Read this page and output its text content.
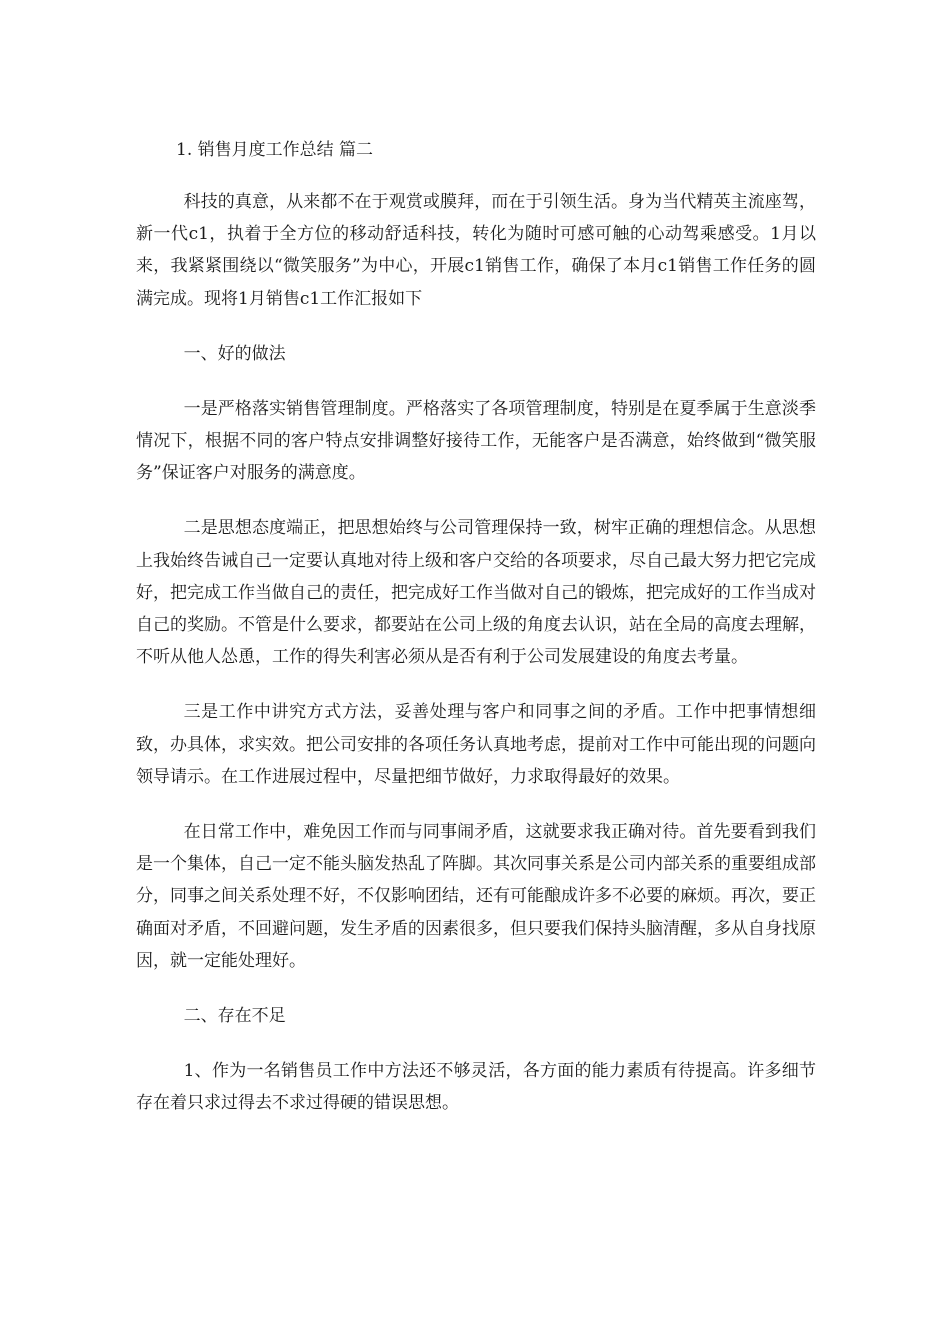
1. 销售月度工作总结 篇二

科技的真意，从来都不在于观赏或膜拜，而在于引领生活。身为当代精英主流座驾，新一代c1，执着于全方位的移动舒适科技，转化为随时可感可触的心动驾乘感受。1月以来，我紧紧围绕以“微笑服务”为中心，开展c1销售工作，确保了本月c1销售工作任务的圆满完成。现将1月销售c1工作汇报如下

一、好的做法

一是严格落实销售管理制度。严格落实了各项管理制度，特别是在夏季属于生意淡季情况下，根据不同的客户特点安排调整好接待工作，无能客户是否满意，始终做到“微笑服务”保证客户对服务的满意度。

二是思想态度端正，把思想始终与公司管理保持一致，树牢正确的理想信念。从思想上我始终告诫自己一定要认真地对待上级和客户交给的各项要求，尽自己最大努力把它完成好，把完成工作当做自己的责任，把完成好工作当做对自己的锻炼，把完成好的工作当成对自己的奖励。不管是什么要求，都要站在公司上级的角度去认识，站在全局的高度去理解，不听从他人怂恿，工作的得失利害必须从是否有利于公司发展建设的角度去考量。

三是工作中讲究方式方法，妥善处理与客户和同事之间的矛盾。工作中把事情想细致，办具体，求实效。把公司安排的各项任务认真地考虑，提前对工作中可能出现的问题向领导请示。在工作进展过程中，尽量把细节做好，力求取得最好的效果。

在日常工作中，难免因工作而与同事闹矛盾，这就要求我正确对待。首先要看到我们是一个集体，自己一定不能头脑发热乱了阵脚。其次同事关系是公司内部关系的重要组成部分，同事之间关系处理不好，不仅影响团结，还有可能酿成许多不必要的麻烦。再次，要正确面对矛盾，不回避问题，发生矛盾的因素很多，但只要我们保持头脑清醒，多从自身找原因，就一定能处理好。

二、存在不足

1、作为一名销售员工作中方法还不够灵活，各方面的能力素质有待提高。许多细节存在着只求过得去不求过得硬的错误思想。
